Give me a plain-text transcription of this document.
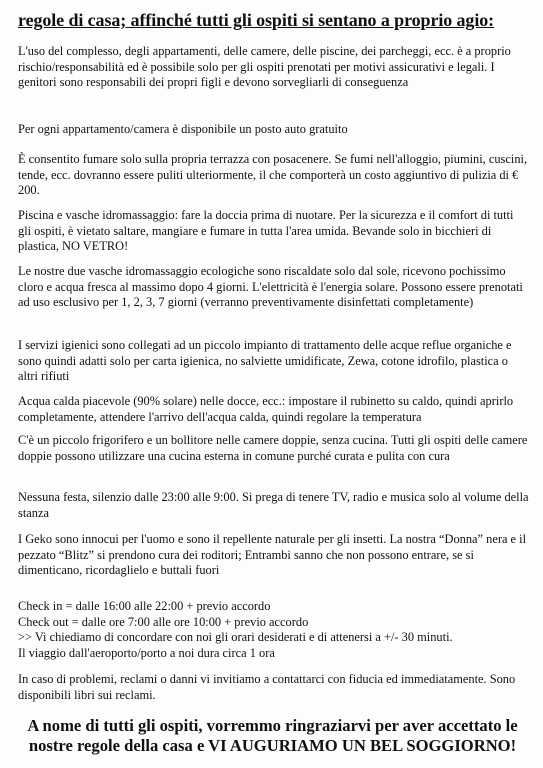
regole di casa; affinché tutti gli ospiti si sentano a proprio agio:

L'uso del complesso, degli appartamenti, delle camere, delle piscine, dei parcheggi, ecc. è a proprio rischio/responsabilità ed è possibile solo per gli ospiti prenotati per motivi assicurativi e legali. I genitori sono responsabili dei propri figli e devono sorvegliarli di conseguenza

Per ogni appartamento/camera è disponibile un posto auto gratuito

È consentito fumare solo sulla propria terrazza con posacenere. Se fumi nell'alloggio, piumini, cuscini, tende, ecc. dovranno essere puliti ulteriormente, il che comporterà un costo aggiuntivo di pulizia di € 200.

Piscina e vasche idromassaggio: fare la doccia prima di nuotare. Per la sicurezza e il comfort di tutti gli ospiti, è vietato saltare, mangiare e fumare in tutta l'area umida. Bevande solo in bicchieri di plastica, NO VETRO!

Le nostre due vasche idromassaggio ecologiche sono riscaldate solo dal sole, ricevono pochissimo cloro e acqua fresca al massimo dopo 4 giorni. L'elettricità è l'energia solare. Possono essere prenotati ad uso esclusivo per 1, 2, 3, 7 giorni (verranno preventivamente disinfettati completamente)

I servizi igienici sono collegati ad un piccolo impianto di trattamento delle acque reflue organiche e sono quindi adatti solo per carta igienica, no salviette umidificate, Zewa, cotone idrofilo, plastica o altri rifiuti

Acqua calda piacevole (90% solare) nelle docce, ecc.: impostare il rubinetto su caldo, quindi aprirlo completamente, attendere l'arrivo dell'acqua calda, quindi regolare la temperatura

C'è un piccolo frigorifero e un bollitore nelle camere doppie, senza cucina. Tutti gli ospiti delle camere doppie possono utilizzare una cucina esterna in comune purché curata e pulita con cura

Nessuna festa, silenzio dalle 23:00 alle 9:00. Si prega di tenere TV, radio e musica solo al volume della stanza

I Geko sono innocui per l'uomo e sono il repellente naturale per gli insetti. La nostra “Donna” nera e il pezzato “Blitz” si prendono cura dei roditori; Entrambi sanno che non possono entrare, se si dimenticano, ricordaglielo e buttali fuori

Check in = dalle 16:00 alle 22:00 + previo accordo
Check out = dalle ore 7:00 alle ore 10:00 + previo accordo
>> Vi chiediamo di concordare con noi gli orari desiderati e di attenersi a +/- 30 minuti.
Il viaggio dall'aeroporto/porto a noi dura circa 1 ora

In caso di problemi, reclami o danni vi invitiamo a contattarci con fiducia ed immediatamente. Sono disponibili libri sui reclami.

A nome di tutti gli ospiti, vorremmo ringraziarvi per aver accettato le
nostre regole della casa e VI AUGURIAMO UN BEL SOGGIORNO!
